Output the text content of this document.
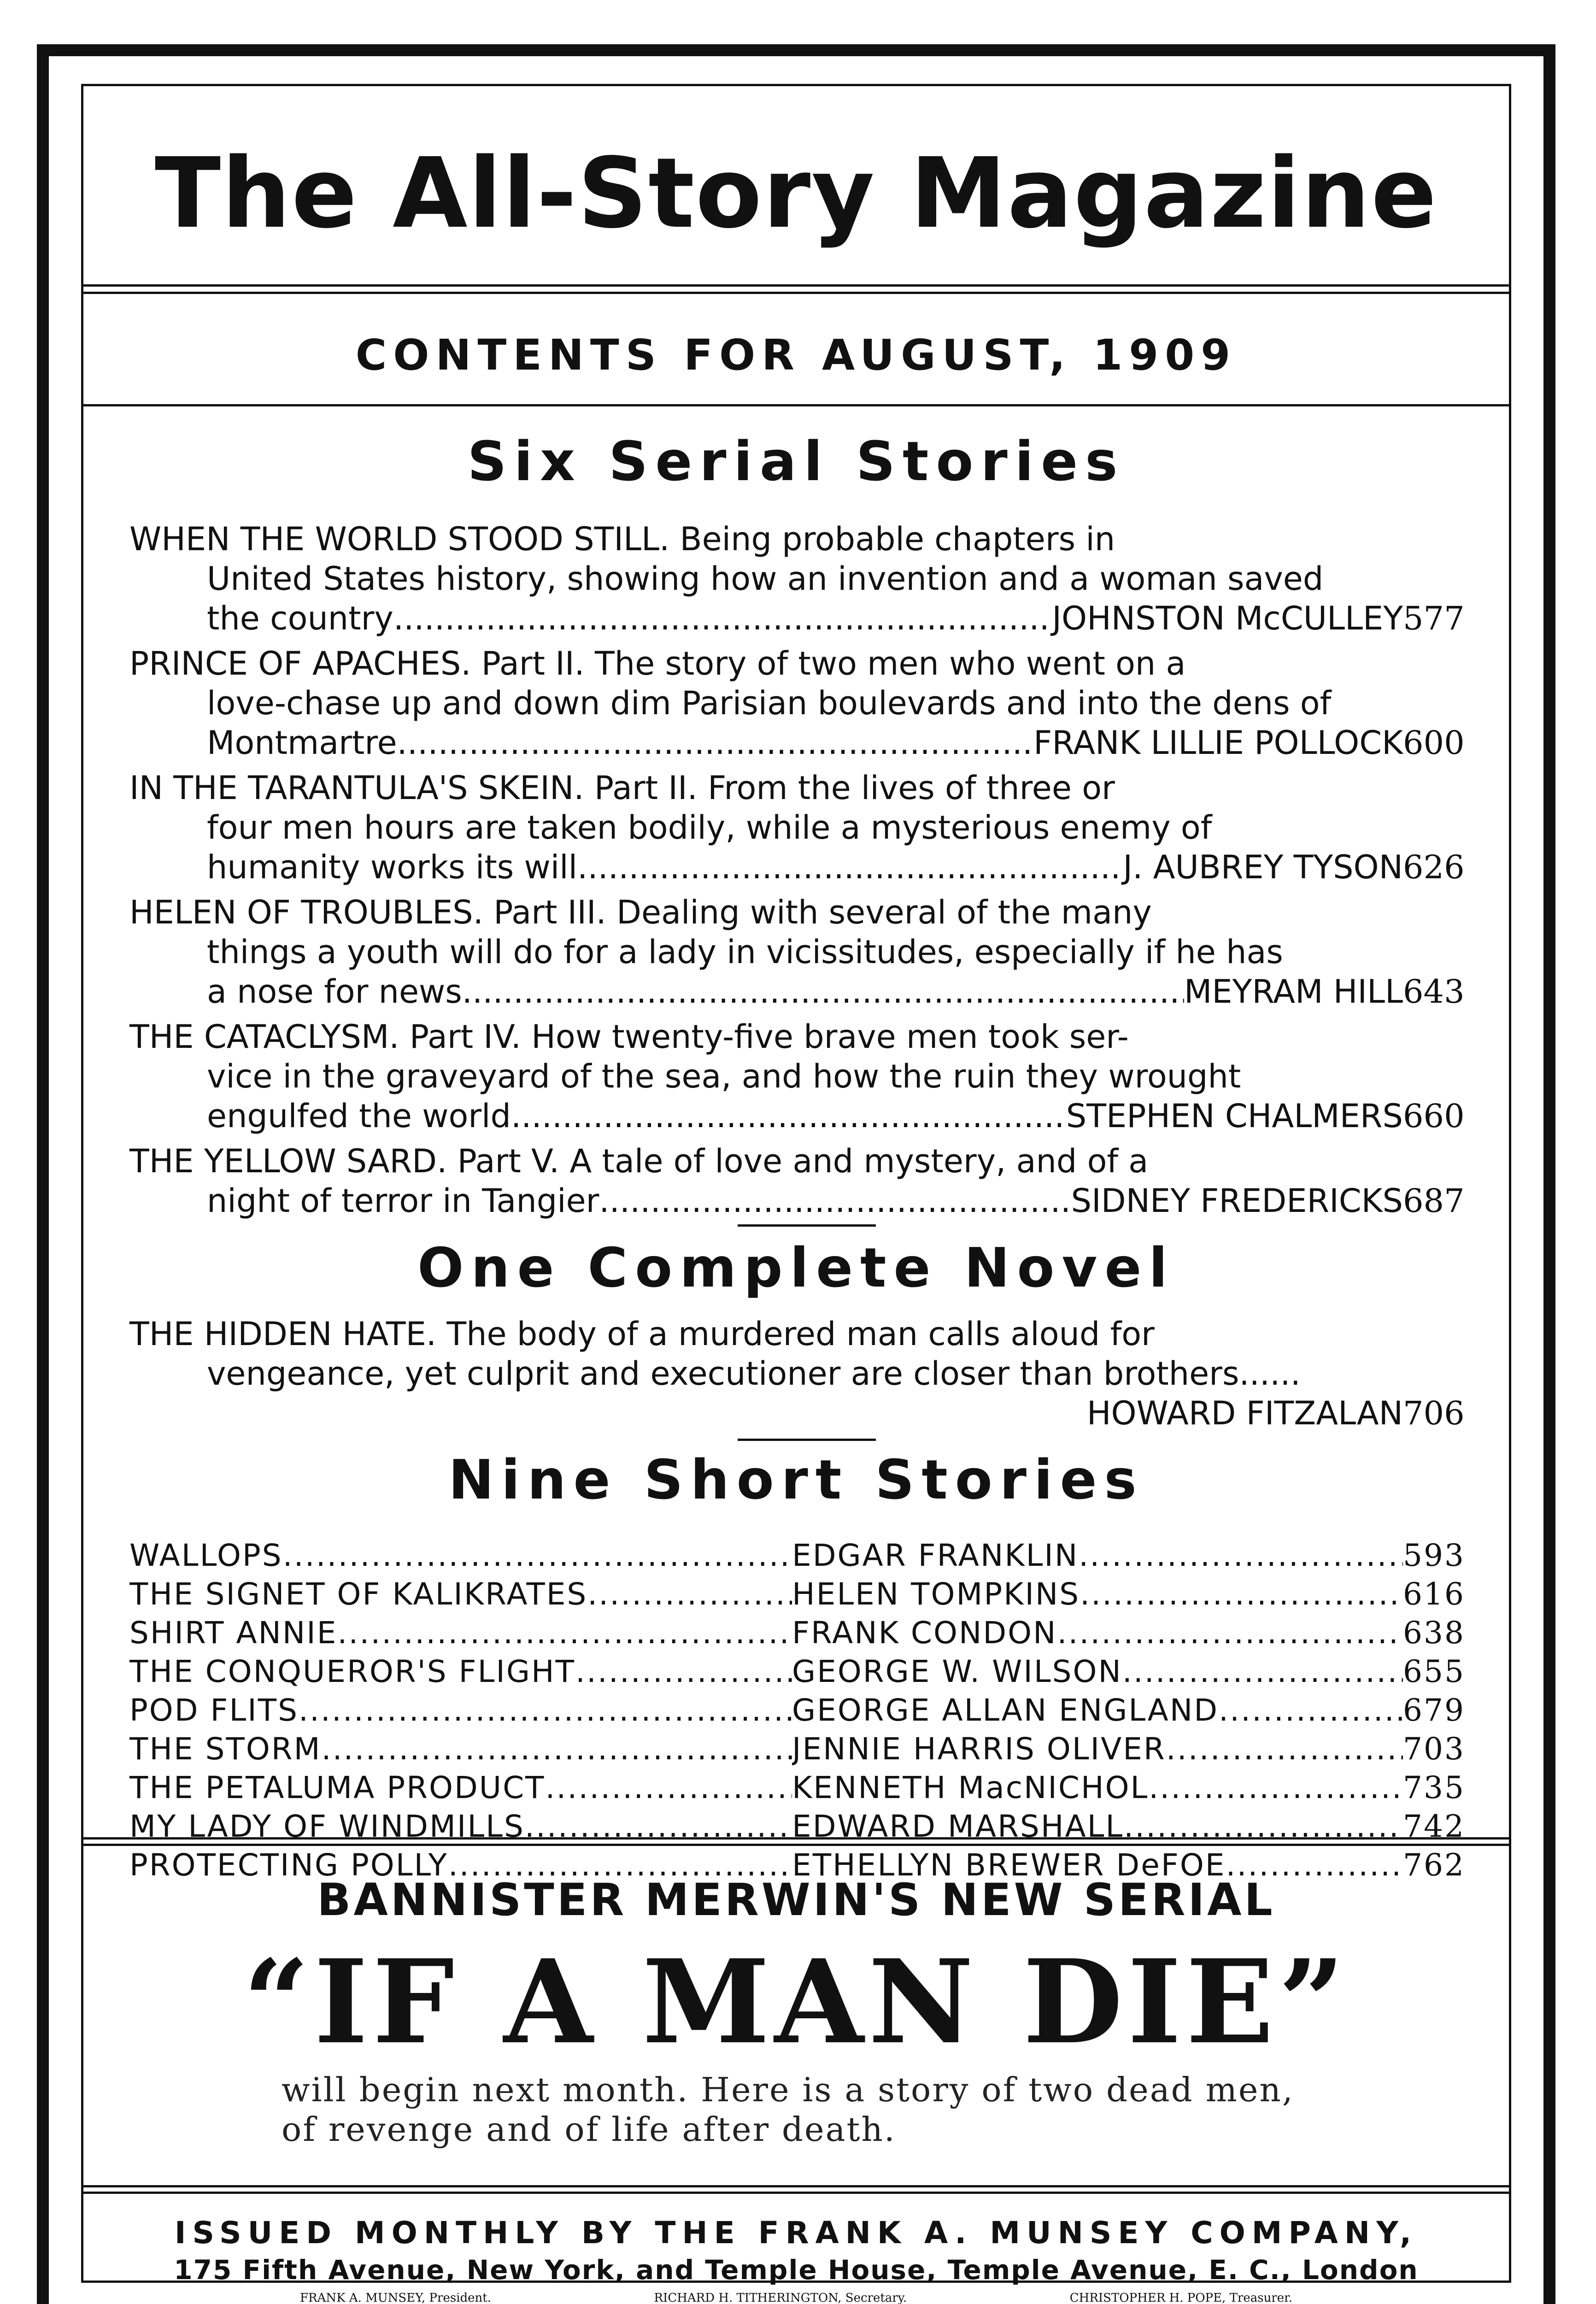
The All-Story Magazine
CONTENTS FOR AUGUST, 1909
Six Serial Stories
WHEN THE WORLD STOOD STILL. Being probable chapters in
United States history, showing how an invention and a woman saved
the country .....	JOHNSTON McCULLEY 577
PRINCE OF APACHES. Part II. The story of two men who went on a
love-chase up and down dim Parisian boulevards and into the dens of
Montmartre .....	FRANK LILLIE POLLOCK 600
IN THE TARANTULA'S SKEIN. Part II. From the lives of three or
four men hours are taken bodily, while a mysterious enemy of
humanity works its will .....	J. AUBREY TYSON 626
HELEN OF TROUBLES. Part III. Dealing with several of the many
things a youth will do for a lady in vicissitudes, especially if he has
a nose for news .....	MEYRAM HILL 643
THE CATACLYSM. Part IV. How twenty-five brave men took ser-
vice in the graveyard of the sea, and how the ruin they wrought
engulfed the world .....	STEPHEN CHALMERS 660
THE YELLOW SARD. Part V. A tale of love and mystery, and of a
night of terror in Tangier .....	SIDNEY FREDERICKS 687
One Complete Novel
THE HIDDEN HATE. The body of a murdered man calls aloud for
vengeance, yet culprit and executioner are closer than brothers......
HOWARD FITZALAN 706
Nine Short Stories
WALLOPS .....	EDGAR FRANKLIN .....	593
THE SIGNET OF KALIKRATES .....	HELEN TOMPKINS .....	616
SHIRT ANNIE .....	FRANK CONDON .....	638
THE CONQUEROR'S FLIGHT .....	GEORGE W. WILSON .....	655
POD FLITS .....	GEORGE ALLAN ENGLAND .....	679
THE STORM .....	JENNIE HARRIS OLIVER .....	703
THE PETALUMA PRODUCT .....	KENNETH MacNICHOL .....	735
MY LADY OF WINDMILLS .....	EDWARD MARSHALL .....	742
PROTECTING POLLY .....	ETHELLYN BREWER DeFOE .....	762
BANNISTER MERWIN'S NEW SERIAL
“IF A MAN DIE”
will begin next month. Here is a story of two dead men,
of revenge and of life after death.
ISSUED MONTHLY BY THE FRANK A. MUNSEY COMPANY,
175 Fifth Avenue, New York, and Temple House, Temple Avenue, E. C., London
FRANK A. MUNSEY, President.	RICHARD H. TITHERINGTON, Secretary.	CHRISTOPHER H. POPE, Treasurer.
